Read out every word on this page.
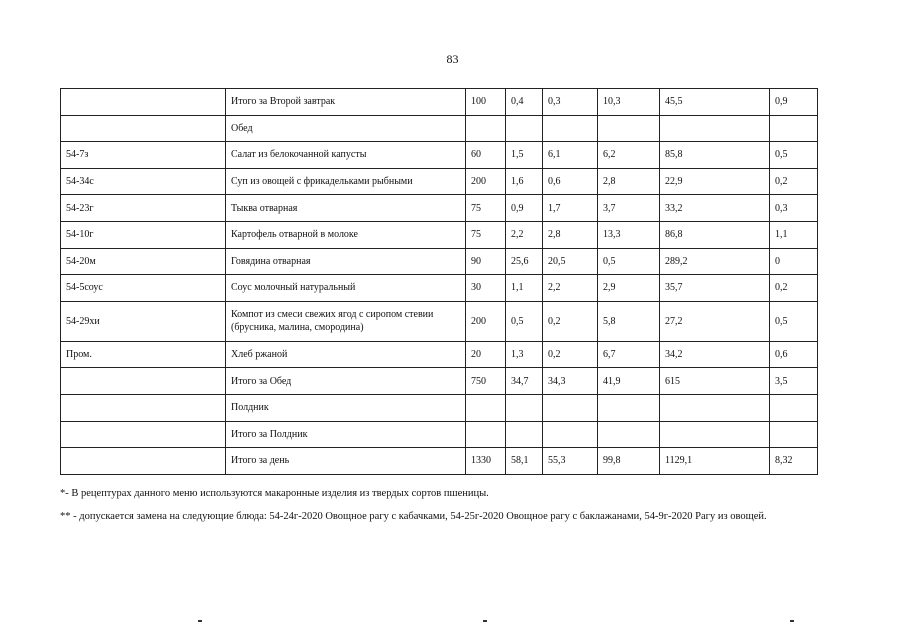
83
	Итого за Второй завтрак	100	0,4	0,3	10,3	45,5	0,9
	Обед						
54-7з	Салат из белокочанной капусты	60	1,5	6,1	6,2	85,8	0,5
54-34с	Суп из овощей с фрикадельками рыбными	200	1,6	0,6	2,8	22,9	0,2
54-23г	Тыква отварная	75	0,9	1,7	3,7	33,2	0,3
54-10г	Картофель отварной в молоке	75	2,2	2,8	13,3	86,8	1,1
54-20м	Говядина отварная	90	25,6	20,5	0,5	289,2	0
54-5соус	Соус молочный натуральный	30	1,1	2,2	2,9	35,7	0,2
54-29хи	Компот из смеси свежих ягод с сиропом стевии (брусника, малина, смородина)	200	0,5	0,2	5,8	27,2	0,5
Пром.	Хлеб ржаной	20	1,3	0,2	6,7	34,2	0,6
	Итого за Обед	750	34,7	34,3	41,9	615	3,5
	Полдник						
	Итого за Полдник						
	Итого за день	1330	58,1	55,3	99,8	1129,1	8,32
*- В рецептурах данного меню используются макаронные изделия из твердых сортов пшеницы.
** - допускается замена на следующие блюда: 54-24г-2020 Овощное рагу с кабачками, 54-25г-2020 Овощное рагу с баклажанами, 54-9г-2020 Рагу из овощей.
